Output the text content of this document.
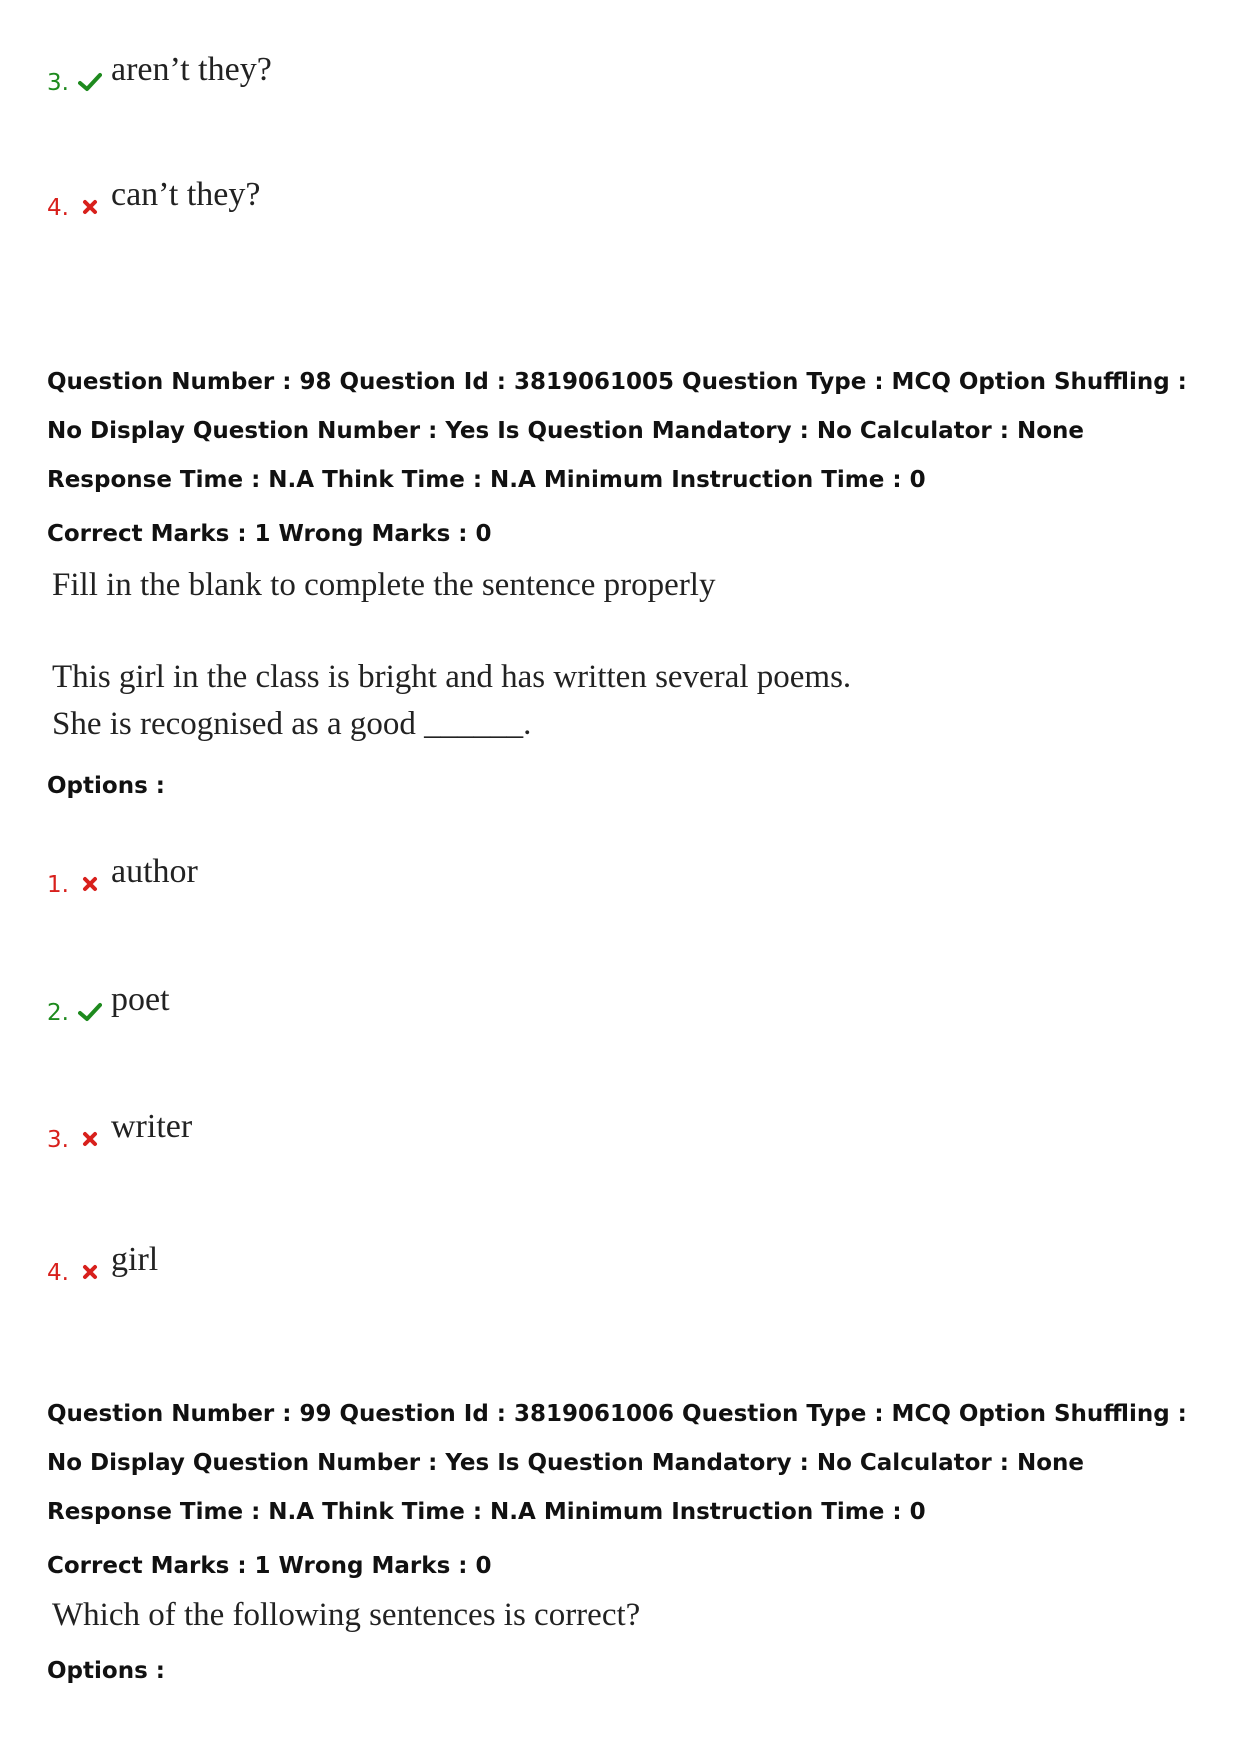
3. aren’t they?
4. can’t they?
Question Number : 98 Question Id : 3819061005 Question Type : MCQ Option Shuffling : No Display Question Number : Yes Is Question Mandatory : No Calculator : None Response Time : N.A Think Time : N.A Minimum Instruction Time : 0
Correct Marks : 1 Wrong Marks : 0
Fill in the blank to complete the sentence properly
This girl in the class is bright and has written several poems.
She is recognised as a good ______.
Options :
1. author
2. poet
3. writer
4. girl
Question Number : 99 Question Id : 3819061006 Question Type : MCQ Option Shuffling : No Display Question Number : Yes Is Question Mandatory : No Calculator : None Response Time : N.A Think Time : N.A Minimum Instruction Time : 0
Correct Marks : 1 Wrong Marks : 0
Which of the following sentences is correct?
Options :
